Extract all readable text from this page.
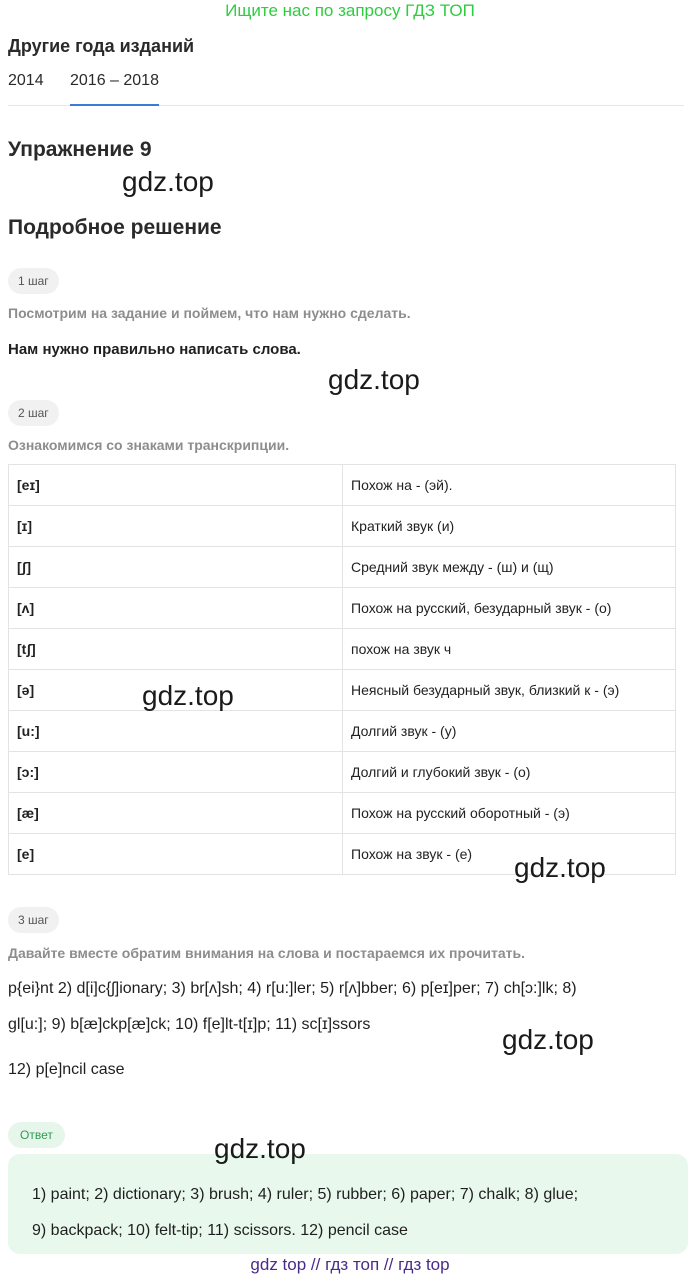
Ищите нас по запросу ГДЗ ТОП
Другие года изданий
2014 2016 – 2018
Упражнение 9
gdz.top
Подробное решение
1 шаг
Посмотрим на задание и поймем, что нам нужно сделать.
Нам нужно правильно написать слова.
gdz.top
2 шаг
Ознакомимся со знаками транскрипции.
[eɪ]	Похож на - (эй).
[ɪ]	Краткий звук (и)
[ʃ]	Средний звук между - (ш) и (щ)
[ʌ]	Похож на русский, безударный звук - (о)
[tʃ]	похож на звук ч
[ə]	Неясный безударный звук, близкий к - (э)
[u:]	Долгий звук - (у)
[ɔ:]	Долгий и глубокий звук - (о)
[æ]	Похож на русский оборотный - (э)
[e]	Похож на звук - (е)
gdz.top
gdz.top
3 шаг
Давайте вместе обратим внимания на слова и постараемся их прочитать.
p{ei}nt 2) d[i]c{ʃ]ionary; 3) br[ʌ]sh; 4) r[u:]ler; 5) r[ʌ]bber; 6) p[eɪ]per; 7) ch[ɔ:]lk; 8)
gl[u:]; 9) b[æ]ckp[æ]ck; 10) f[e]lt-t[ɪ]p; 11) sc[ɪ]ssors	gdz.top
12) p[e]ncil case
Ответ
1) paint; 2) dictionary; 3) brush; 4) ruler; 5) rubber; 6) paper; 7) chalk; 8) glue;
9) backpack; 10) felt-tip; 11) scissors. 12) pencil case
gdz.top
gdz top // гдз топ // гдз top
